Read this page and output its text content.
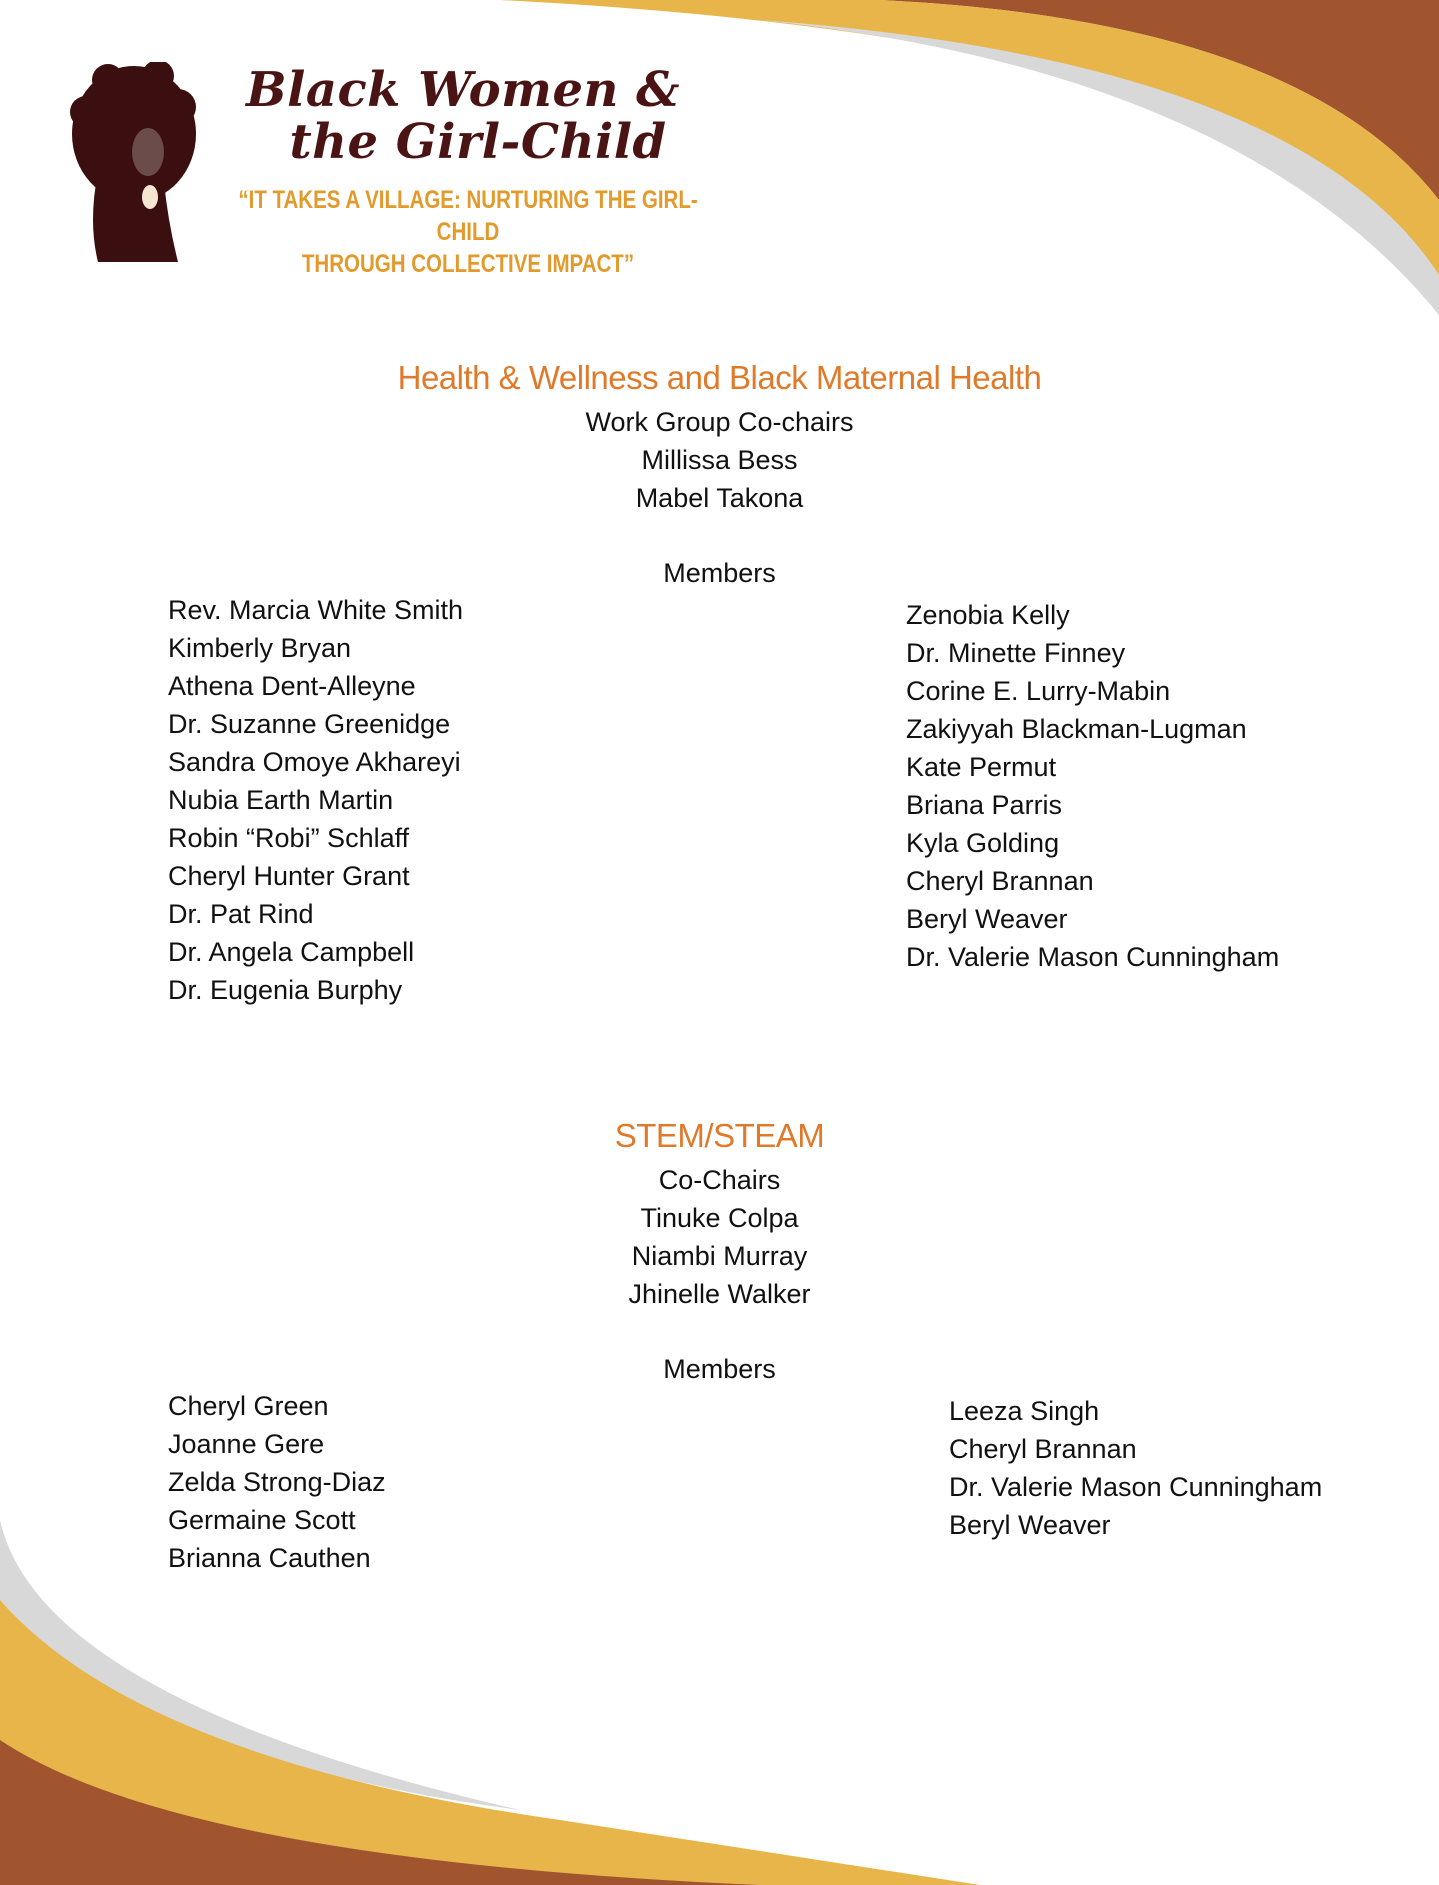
Black Women &
the Girl-Child
“IT TAKES A VILLAGE: NURTURING THE GIRL-CHILD
THROUGH COLLECTIVE IMPACT”
Health & Wellness and Black Maternal Health
Work Group Co-chairs
Millissa Bess
Mabel Takona
Members
Rev. Marcia White Smith
Kimberly Bryan
Athena Dent-Alleyne
Dr. Suzanne Greenidge
Sandra Omoye Akhareyi
Nubia Earth Martin
Robin “Robi” Schlaff
Cheryl Hunter Grant
Dr. Pat Rind
Dr. Angela Campbell
Dr. Eugenia Burphy
Zenobia Kelly
Dr. Minette Finney
Corine E. Lurry-Mabin
Zakiyyah Blackman-Lugman
Kate Permut
Briana Parris
Kyla Golding
Cheryl Brannan
Beryl Weaver
Dr. Valerie Mason Cunningham
STEM/STEAM
Co-Chairs
Tinuke Colpa
Niambi Murray
Jhinelle Walker
Members
Cheryl Green
Joanne Gere
Zelda Strong-Diaz
Germaine Scott
Brianna Cauthen
Leeza Singh
Cheryl Brannan
Dr. Valerie Mason Cunningham
Beryl Weaver
